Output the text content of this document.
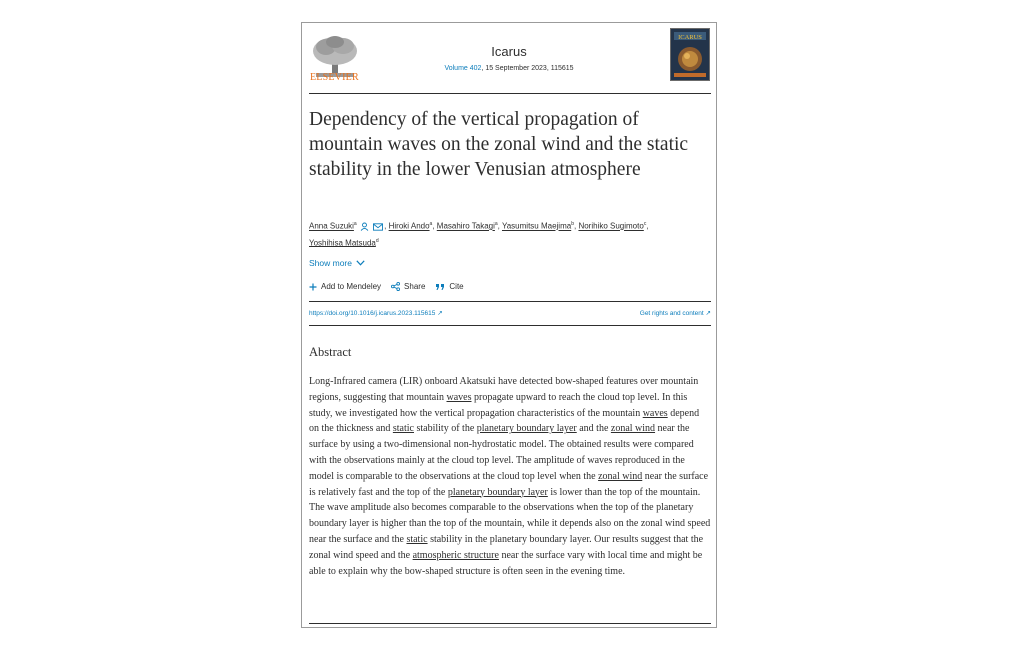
ELSEVIER
Icarus
Volume 402, 15 September 2023, 115615
ICARUS
Dependency of the vertical propagation of mountain waves on the zonal wind and the static stability in the lower Venusian atmosphere
Anna Suzuki$^a$	, Hiroki Ando$^a$, Masahiro Takagi$^a$, Yasumitsu Maejima$^b$, Norihiko Sugimoto$^c$,
Yoshihisa Matsuda$^d$
Show more
Add to Mendeley	Share	Cite
https://doi.org/10.1016/j.icarus.2023.115615 ↗	Get rights and content ↗
Abstract

Long-Infrared camera (LIR) onboard Akatsuki have detected bow-shaped features over mountain regions, suggesting that mountain waves propagate upward to reach the cloud top level. In this study, we investigated how the vertical propagation characteristics of the mountain waves depend on the thickness and static stability of the planetary boundary layer and the zonal wind near the surface by using a two-dimensional non-hydrostatic model. The obtained results were compared with the observations mainly at the cloud top level. The amplitude of waves reproduced in the model is comparable to the observations at the cloud top level when the zonal wind near the surface is relatively fast and the top of the planetary boundary layer is lower than the top of the mountain. The wave amplitude also becomes comparable to the observations when the top of the planetary boundary layer is higher than the top of the mountain, while it depends also on the zonal wind speed near the surface and the static stability in the planetary boundary layer. Our results suggest that the zonal wind speed and the atmospheric structure near the surface vary with local time and might be able to explain why the bow-shaped structure is often seen in the evening time.
